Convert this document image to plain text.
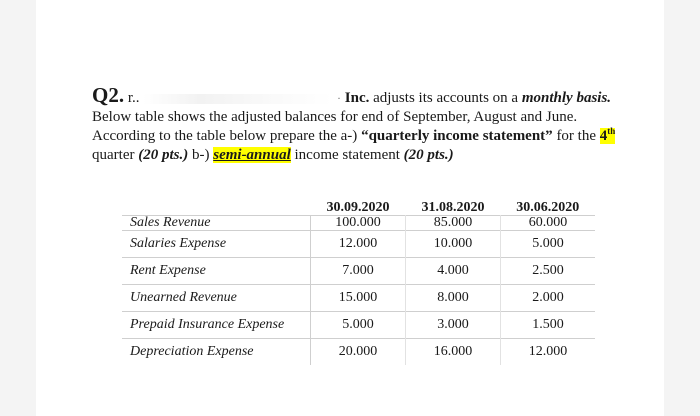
Q2. r..	· Inc. adjusts its accounts on a monthly basis. Below table shows the adjusted balances for end of September, August and June. According to the table below prepare the a-) “quarterly income statement” for the 4th quarter (20 pts.) b-) semi-annual income statement (20 pts.)
	30.09.2020	31.08.2020	30.06.2020
Sales Revenue	100.000	85.000	60.000
Salaries Expense	12.000	10.000	5.000
Rent Expense	7.000	4.000	2.500
Unearned Revenue	15.000	8.000	2.000
Prepaid Insurance Expense	5.000	3.000	1.500
Depreciation Expense	20.000	16.000	12.000
